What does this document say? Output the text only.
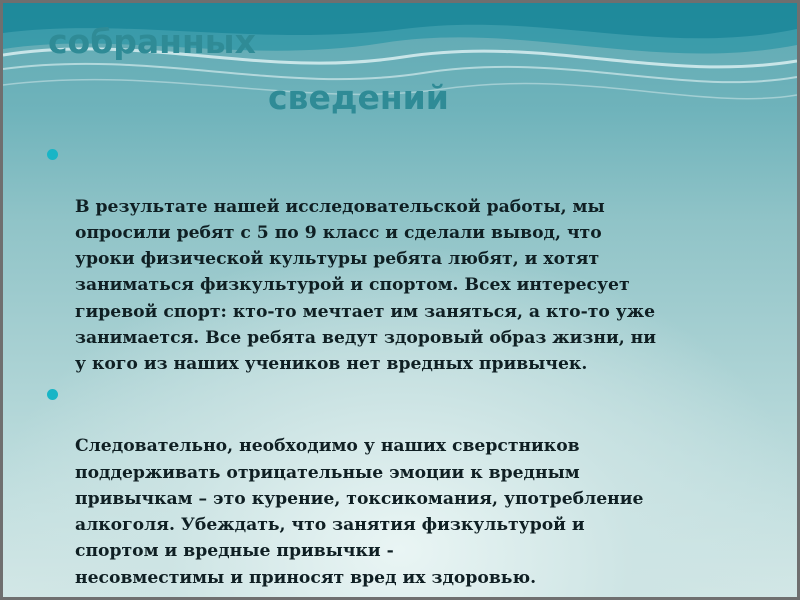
собранных
сведений

В результате нашей исследовательской работы, мы
опросили ребят с 5 по 9 класс и сделали вывод, что
уроки физической культуры ребята любят, и хотят
заниматься физкультурой и спортом. Всех интересует
гиревой спорт: кто-то мечтает им заняться, а кто-то уже
занимается. Все ребята ведут здоровый образ жизни, ни
у кого из наших учеников нет вредных привычек.

Следовательно, необходимо у наших сверстников
поддерживать отрицательные эмоции к вредным
привычкам – это курение, токсикомания, употребление
алкоголя. Убеждать, что занятия физкультурой и
спортом и вредные привычки -
несовместимы и приносят вред их здоровью.
